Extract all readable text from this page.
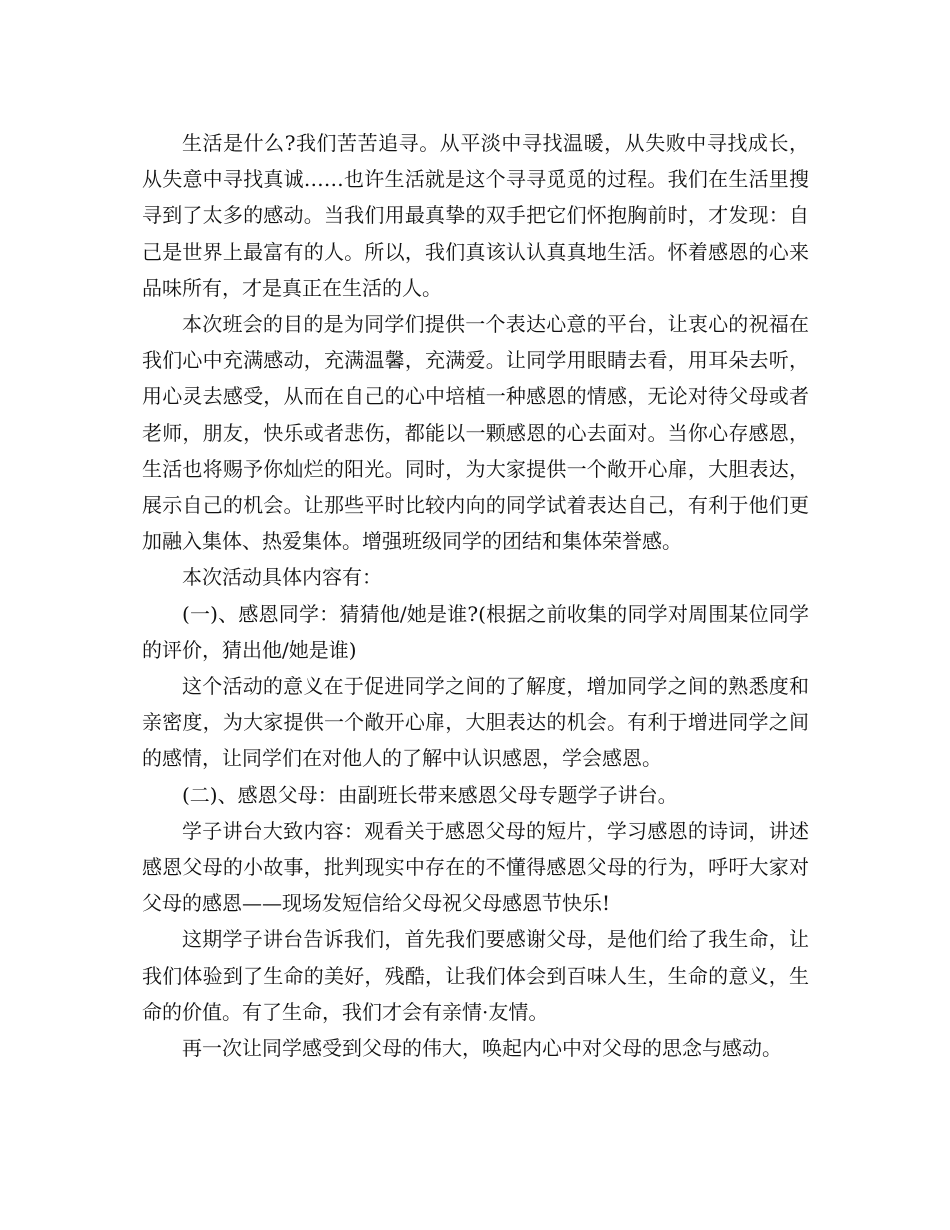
生活是什么?我们苦苦追寻。从平淡中寻找温暖，从失败中寻找成长，从失意中寻找真诚……也许生活就是这个寻寻觅觅的过程。我们在生活里搜寻到了太多的感动。当我们用最真挚的双手把它们怀抱胸前时，才发现：自己是世界上最富有的人。所以，我们真该认认真真地生活。怀着感恩的心来品味所有，才是真正在生活的人。

本次班会的目的是为同学们提供一个表达心意的平台，让衷心的祝福在我们心中充满感动，充满温馨，充满爱。让同学用眼睛去看，用耳朵去听，用心灵去感受，从而在自己的心中培植一种感恩的情感，无论对待父母或者老师，朋友，快乐或者悲伤，都能以一颗感恩的心去面对。当你心存感恩，生活也将赐予你灿烂的阳光。同时，为大家提供一个敞开心扉，大胆表达，展示自己的机会。让那些平时比较内向的同学试着表达自己，有利于他们更加融入集体、热爱集体。增强班级同学的团结和集体荣誉感。

本次活动具体内容有：

(一)、感恩同学：猜猜他/她是谁?(根据之前收集的同学对周围某位同学的评价，猜出他/她是谁)

这个活动的意义在于促进同学之间的了解度，增加同学之间的熟悉度和亲密度，为大家提供一个敞开心扉，大胆表达的机会。有利于增进同学之间的感情，让同学们在对他人的了解中认识感恩，学会感恩。

(二)、感恩父母：由副班长带来感恩父母专题学子讲台。

学子讲台大致内容：观看关于感恩父母的短片，学习感恩的诗词，讲述感恩父母的小故事，批判现实中存在的不懂得感恩父母的行为，呼吁大家对父母的感恩——现场发短信给父母祝父母感恩节快乐!

这期学子讲台告诉我们，首先我们要感谢父母，是他们给了我生命，让我们体验到了生命的美好，残酷，让我们体会到百味人生，生命的意义，生命的价值。有了生命，我们才会有亲情·友情。

再一次让同学感受到父母的伟大，唤起内心中对父母的思念与感动。
